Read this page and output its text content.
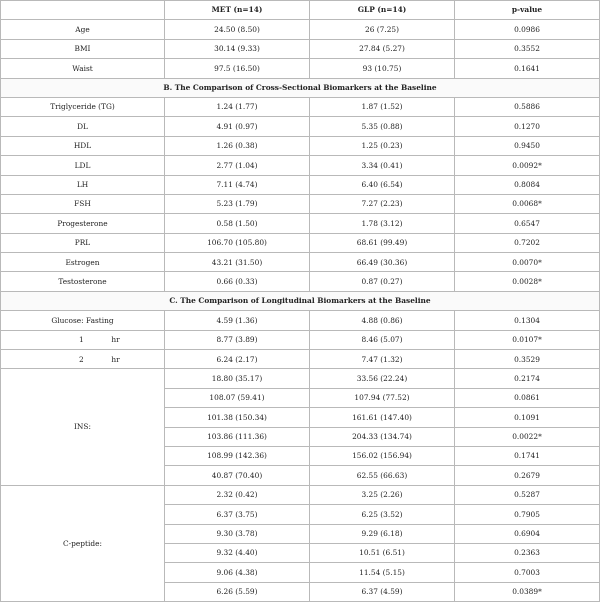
	MET (n=14)	GLP (n=14)	p-value
Age	24.50 (8.50)	26 (7.25)	0.0986
BMI	30.14 (9.33)	27.84 (5.27)	0.3552
Waist	97.5 (16.50)	93 (10.75)	0.1641
B. The Comparison of Cross-Sectional Biomarkers at the Baseline			
Triglyceride (TG)	1.24 (1.77)	1.87 (1.52)	0.5886
DL	4.91 (0.97)	5.35 (0.88)	0.1270
HDL	1.26 (0.38)	1.25 (0.23)	0.9450
LDL	2.77 (1.04)	3.34 (0.41)	0.0092*
LH	7.11 (4.74)	6.40 (6.54)	0.8084
FSH	5.23 (1.79)	7.27 (2.23)	0.0068*
Progesterone	0.58 (1.50)	1.78 (3.12)	0.6547
PRL	106.70 (105.80)	68.61 (99.49)	0.7202
Estrogen	43.21 (31.50)	66.49 (30.36)	0.0070*
Testosterone	0.66 (0.33)	0.87 (0.27)	0.0028*
C. The Comparison of Longitudinal Biomarkers at the Baseline			
Glucose: Fasting	4.59 (1.36)	4.88 (0.86)	0.1304
1 hr	8.77 (3.89)	8.46 (5.07)	0.0107*
2 hr	6.24 (2.17)	7.47 (1.32)	0.3529
INS:	18.80 (35.17)	33.56 (22.24)	0.2174
	108.07 (59.41)	107.94 (77.52)	0.0861
	101.38 (150.34)	161.61 (147.40)	0.1091
	103.86 (111.36)	204.33 (134.74)	0.0022*
	108.99 (142.36)	156.02 (156.94)	0.1741
	40.87 (70.40)	62.55 (66.63)	0.2679
C-peptide:	2.32 (0.42)	3.25 (2.26)	0.5287
	6.37 (3.75)	6.25 (3.52)	0.7905
	9.30 (3.78)	9.29 (6.18)	0.6904
	9.32 (4.40)	10.51 (6.51)	0.2363
	9.06 (4.38)	11.54 (5.15)	0.7003
	6.26 (5.59)	6.37 (4.59)	0.0389*
